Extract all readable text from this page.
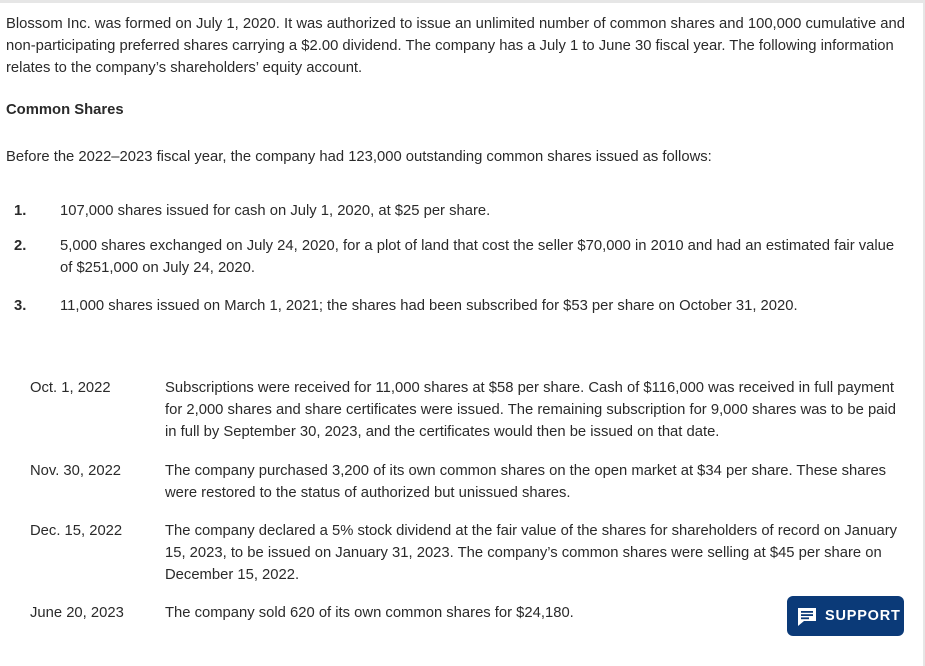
Blossom Inc. was formed on July 1, 2020. It was authorized to issue an unlimited number of common shares and 100,000 cumulative and non-participating preferred shares carrying a $2.00 dividend. The company has a July 1 to June 30 fiscal year. The following information relates to the company’s shareholders’ equity account.

Common Shares

Before the 2022–2023 fiscal year, the company had 123,000 outstanding common shares issued as follows:

1. 107,000 shares issued for cash on July 1, 2020, at $25 per share.
2. 5,000 shares exchanged on July 24, 2020, for a plot of land that cost the seller $70,000 in 2010 and had an estimated fair value of $251,000 on July 24, 2020.
3. 11,000 shares issued on March 1, 2021; the shares had been subscribed for $53 per share on October 31, 2020.
Oct. 1, 2022	Subscriptions were received for 11,000 shares at $58 per share. Cash of $116,000 was received in full payment for 2,000 shares and share certificates were issued. The remaining subscription for 9,000 shares was to be paid in full by September 30, 2023, and the certificates would then be issued on that date.
Nov. 30, 2022	The company purchased 3,200 of its own common shares on the open market at $34 per share. These shares were restored to the status of authorized but unissued shares.
Dec. 15, 2022	The company declared a 5% stock dividend at the fair value of the shares for shareholders of record on January 15, 2023, to be issued on January 31, 2023. The company’s common shares were selling at $45 per share on December 15, 2022.
June 20, 2023	The company sold 620 of its own common shares for $24,180.	SUPPORT
